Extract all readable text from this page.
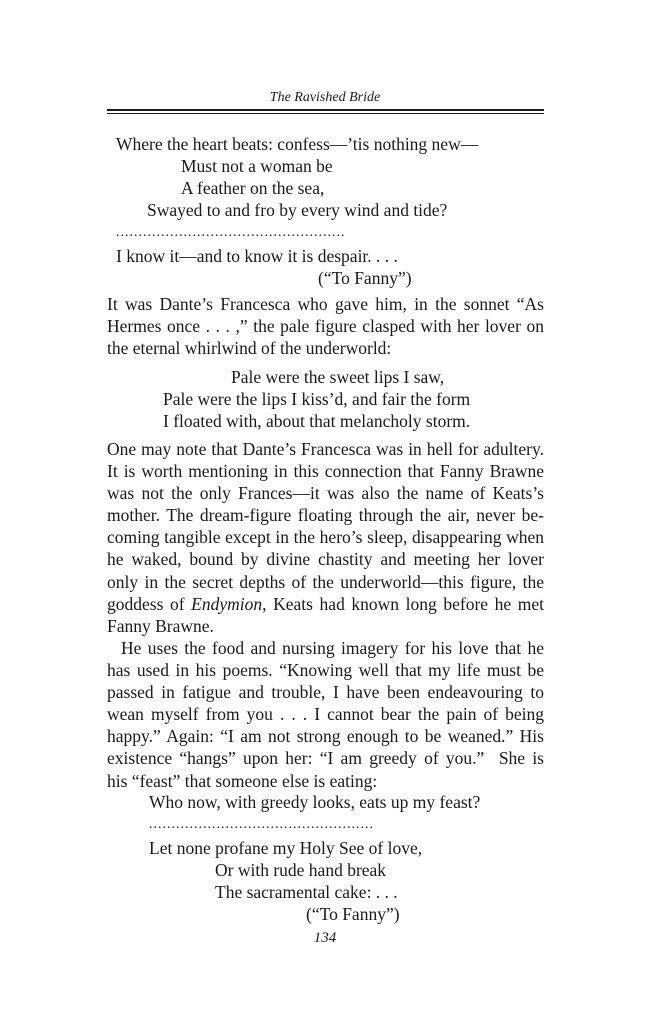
The Ravished Bride
Where the heart beats: confess—’tis nothing new—
Must not a woman be
A feather on the sea,
Swayed to and fro by every wind and tide?
...................................................
I know it—and to know it is despair. . . .
(“To Fanny”)
It was Dante’s Francesca who gave him, in the sonnet “As
Hermes once . . . ,” the pale figure clasped with her lover on
the eternal whirlwind of the underworld:
Pale were the sweet lips I saw,
Pale were the lips I kiss’d, and fair the form
I floated with, about that melancholy storm.
One may note that Dante’s Francesca was in hell for adultery.
It is worth mentioning in this connection that Fanny Brawne
was not the only Frances—it was also the name of Keats’s
mother. The dream-figure floating through the air, never be-
coming tangible except in the hero’s sleep, disappearing when
he waked, bound by divine chastity and meeting her lover
only in the secret depths of the underworld—this figure, the
goddess of Endymion, Keats had known long before he met
Fanny Brawne.
He uses the food and nursing imagery for his love that he
has used in his poems. “Knowing well that my life must be
passed in fatigue and trouble, I have been endeavouring to
wean myself from you . . . I cannot bear the pain of being
happy.” Again: “I am not strong enough to be weaned.” His
existence “hangs” upon her: “I am greedy of you.”  She is
his “feast” that someone else is eating:
Who now, with greedy looks, eats up my feast?
..................................................
Let none profane my Holy See of love,
Or with rude hand break
The sacramental cake: . . .
(“To Fanny”)
134
